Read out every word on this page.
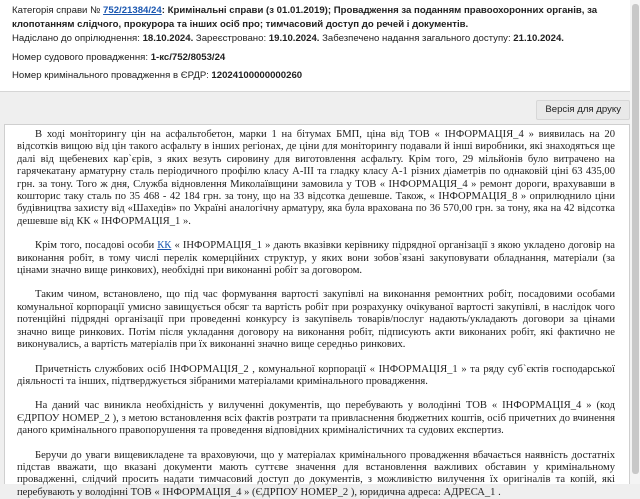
Категорія справи № 752/21384/24: Кримінальні справи (з 01.01.2019); Провадження за поданням правоохоронних органів, за клопотанням слідчого, прокурора та інших осіб про; тимчасовий доступ до речей і документів.
Надіслано до опрілюднення: 18.10.2024. Зареєстровано: 19.10.2024. Забезпечено надання загального доступу: 21.10.2024.
Номер судового провадження: 1-кс/752/8053/24
Номер кримінального провадження в ЄРДР: 12024100000000260
Версія для друку

В ході моніторингу цін на асфальтобетон, марки 1 на бітумах БМП, ціна від ТОВ « ІНФОРМАЦІЯ_4 » виявилась на 20 відсотків вищою від цін такого асфальту в інших регіонах, де ціни для моніторингу подавали й інші виробники, які знаходяться ще далі від щебеневих кар`єрів, з яких везуть сировину для виготовлення асфальту. Крім того, 29 мільйонів було витрачено на гарячекатану арматурну сталь періодичного профілю класу А-ІІІ та гладку класу А-1 різних діаметрів по однаковій ціні 63 435,00 грн. за тону. Того ж дня, Служба відновлення Миколаївщини замовила у ТОВ « ІНФОРМАЦІЯ_4 » ремонт дороги, врахувавши в кошторис таку сталь по 35 468 - 42 184 грн. за тону, що на 33 відсотка дешевше. Також, « ІНФОРМАЦІЯ_8 » оприлюднило ціни будівництва захисту від «Шахедів» по Україні аналогічну арматуру, яка була врахована по 36 570,00 грн. за тону, яка на 42 відсотка дешевше від КК « ІНФОРМАЦІЯ_1 ».

Крім того, посадові особи КК « ІНФОРМАЦІЯ_1 » дають вказівки керівнику підрядної організації з якою укладено договір на виконання робіт, в тому числі перелік комерційних структур, у яких вони зобов`язані закуповувати обладнання, матеріали (за цінами значно вище ринкових), необхідні при виконанні робіт за договором.

Таким чином, встановлено, що під час формування вартості закупівлі на виконання ремонтних робіт, посадовими особами комунальної корпорації умисно завищується обсяг та вартість робіт при розрахунку очікуваної вартості закупівлі, в наслідок чого потенційні підрядні організації при проведенні конкурсу із закупівель товарів/послуг надають/укладають договори за цінами значно вище ринкових. Потім після укладання договору на виконання робіт, підписують акти виконаних робіт, які фактично не виконувались, а вартість матеріалів при їх виконанні значно вище середньо ринкових.

Причетність службових осіб ІНФОРМАЦІЯ_2 , комунальної корпорації « ІНФОРМАЦІЯ_1 » та ряду суб`єктів господарської діяльності та інших, підтверджується зібраними матеріалами кримінального провадження.

На даний час виникла необхідність у вилученні документів, що перебувають у володінні ТОВ « ІНФОРМАЦІЯ_4 » (код ЄДРПОУ НОМЕР_2 ), з метою встановлення всіх фактів розтрати та привласнення бюджетних коштів, осіб причетних до вчинення даного кримінального правопорушення та проведення відповідних криміналістичних та судових експертиз.

Беручи до уваги вищевикладене та враховуючи, що у матеріалах кримінального провадження вбачається наявність достатніх підстав вважати, що вказані документи мають суттєве значення для встановлення важливих обставин у кримінальному провадженні, слідчий просить надати тимчасовий доступ до документів, з можливістю вилучення їх оригіналів та копій, які перебувають у володінні ТОВ « ІНФОРМАЦІЯ_4 » (ЄДРПОУ НОМЕР_2 ), юридична адреса: АДРЕСА_1 .
